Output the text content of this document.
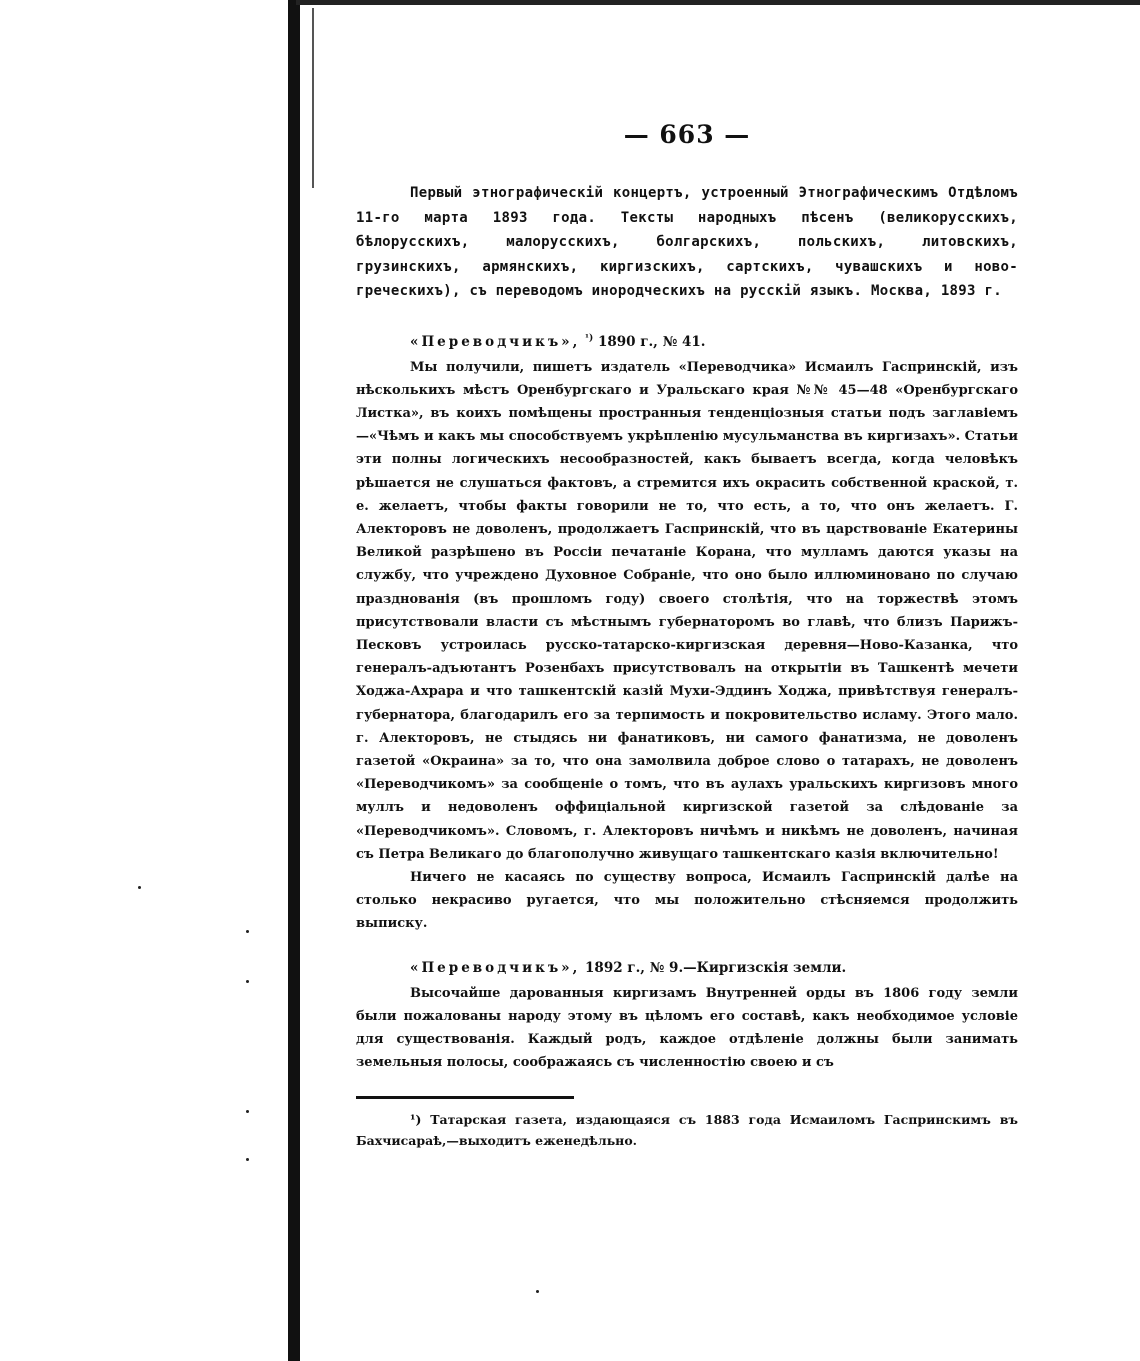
— 663 —

Первый этнографическій концертъ, устроенный Этнографическимъ Отдѣломъ 11-го марта 1893 года. Тексты народныхъ пѣсенъ (великорусскихъ, бѣлорусскихъ, малорусскихъ, болгарскихъ, польскихъ, литовскихъ, грузинскихъ, армянскихъ, киргизскихъ, сартскихъ, чувашскихъ и ново-греческихъ), съ переводомъ инородческихъ на русскій языкъ. Москва, 1893 г.

«Переводчикъ», $^{^1)}$ 1890 г., № 41.

Мы получили, пишетъ издатель «Переводчика» Исмаилъ Гаспринскій, изъ нѣсколькихъ мѣстъ Оренбургскаго и Уральскаго края №№ 45—48 «Оренбургскаго Листка», въ коихъ помѣщены пространныя тенденціозныя статьи подъ заглавіемъ—«Чѣмъ и какъ мы способствуемъ укрѣпленію мусульманства въ киргизахъ». Статьи эти полны логическихъ несообразностей, какъ бываетъ всегда, когда человѣкъ рѣшается не слушаться фактовъ, а стремится ихъ окрасить собственной краской, т. е. желаетъ, чтобы факты говорили не то, что есть, а то, что онъ желаетъ. Г. Алекторовъ не доволенъ, продолжаетъ Гаспринскій, что въ царствованіе Екатерины Великой разрѣшено въ Россіи печатаніе Корана, что мулламъ даются указы на службу, что учреждено Духовное Собраніе, что оно было иллюминовано по случаю празднованія (въ прошломъ году) своего столѣтія, что на торжествѣ этомъ присутствовали власти съ мѣстнымъ губернаторомъ во главѣ, что близъ Парижъ-Песковъ устроилась русско-татарско-киргизская деревня—Ново-Казанка, что генералъ-адъютантъ Розенбахъ присутствовалъ на открытіи въ Ташкентѣ мечети Ходжа-Ахрара и что ташкентскій казій Мухи-Эддинъ Ходжа, привѣтствуя генералъ-губернатора, благодарилъ его за терпимость и покровительство исламу. Этого мало. г. Алекторовъ, не стыдясь ни фанатиковъ, ни самого фанатизма, не доволенъ газетой «Окраина» за то, что она замолвила доброе слово о татарахъ, не доволенъ «Переводчикомъ» за сообщеніе о томъ, что въ аулахъ уральскихъ киргизовъ много муллъ и недоволенъ оффиціальной киргизской газетой за слѣдованіе за «Переводчикомъ». Словомъ, г. Алекторовъ ничѣмъ и никѣмъ не доволенъ, начиная съ Петра Великаго до благополучно живущаго ташкентскаго казія включительно!

Ничего не касаясь по существу вопроса, Исмаилъ Гаспринскій далѣе на столько некрасиво ругается, что мы положительно стѣсняемся продолжить выписку.

«Переводчикъ», 1892 г., № 9.—Киргизскія земли.

Высочайше дарованныя киргизамъ Внутренней орды въ 1806 году земли были пожалованы народу этому въ цѣломъ его составѣ, какъ необходимое условіе для существованія. Каждый родъ, каждое отдѣленіе должны были занимать земельныя полосы, соображаясь съ численностію своею и съ

¹) Татарская газета, издающаяся съ 1883 года Исмаиломъ Гаспринскимъ въ Бахчисараѣ,—выходитъ еженедѣльно.
